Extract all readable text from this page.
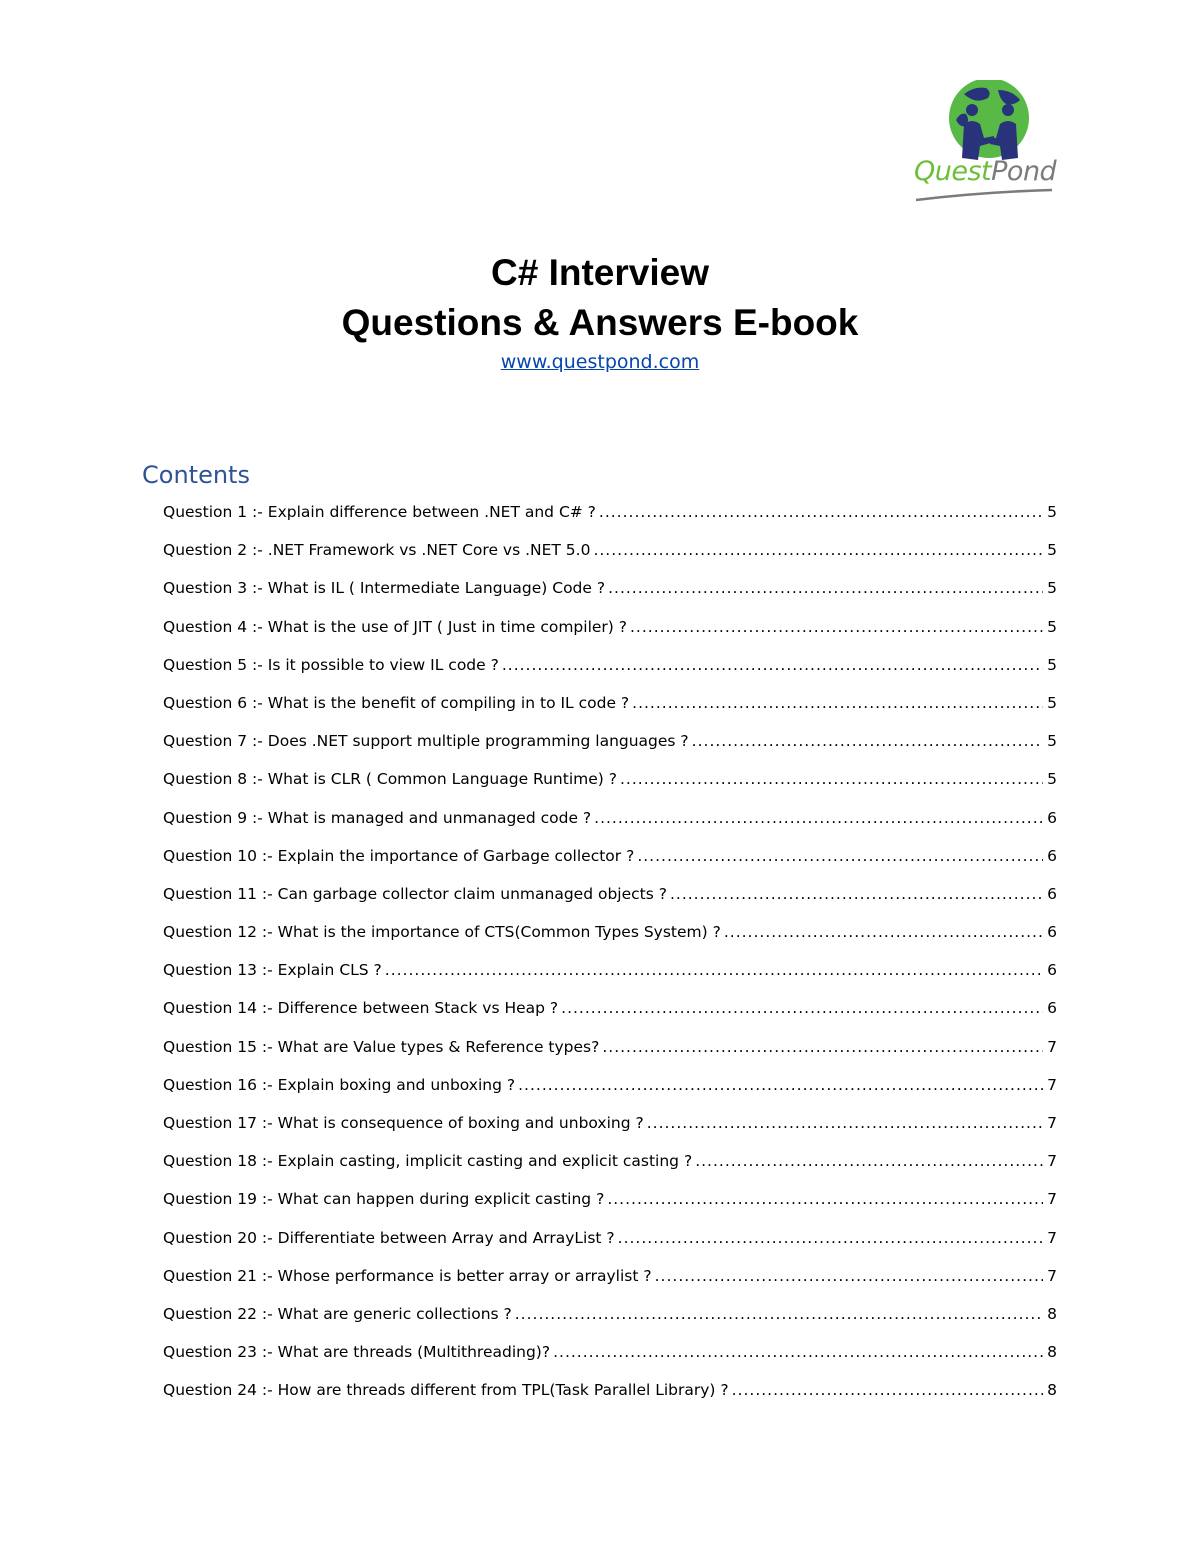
QuestPond
C# Interview
Questions & Answers E-book
www.questpond.com
Contents
Question 1 :- Explain difference between .NET and C# ? .....	5
Question 2 :- .NET Framework vs .NET Core vs .NET 5.0 .....	5
Question 3 :- What is IL ( Intermediate Language) Code ? .....	5
Question 4 :- What is the use of JIT ( Just in time compiler) ? .....	5
Question 5 :- Is it possible to view IL code ? .....	5
Question 6 :- What is the benefit of compiling in to IL code ? .....	5
Question 7 :- Does .NET support multiple programming languages ? .....	5
Question 8 :- What is CLR ( Common Language Runtime) ? .....	5
Question 9 :- What is managed and unmanaged code ? .....	6
Question 10 :- Explain the importance of Garbage collector ? .....	6
Question 11 :- Can garbage collector claim unmanaged objects ? .....	6
Question 12 :- What is the importance of CTS(Common Types System) ? .....	6
Question 13 :- Explain CLS ? .....	6
Question 14 :- Difference between Stack vs Heap ? .....	6
Question 15 :- What are Value types & Reference types? .....	7
Question 16 :- Explain boxing and unboxing ? .....	7
Question 17 :- What is consequence of boxing and unboxing ? .....	7
Question 18 :- Explain casting, implicit casting and explicit casting ? .....	7
Question 19 :- What can happen during explicit casting ? .....	7
Question 20 :- Differentiate between Array and ArrayList ? .....	7
Question 21 :- Whose performance is better array or arraylist ? .....	7
Question 22 :- What are generic collections ? .....	8
Question 23 :- What are threads (Multithreading)? .....	8
Question 24 :- How are threads different from TPL(Task Parallel Library) ? .....	8
